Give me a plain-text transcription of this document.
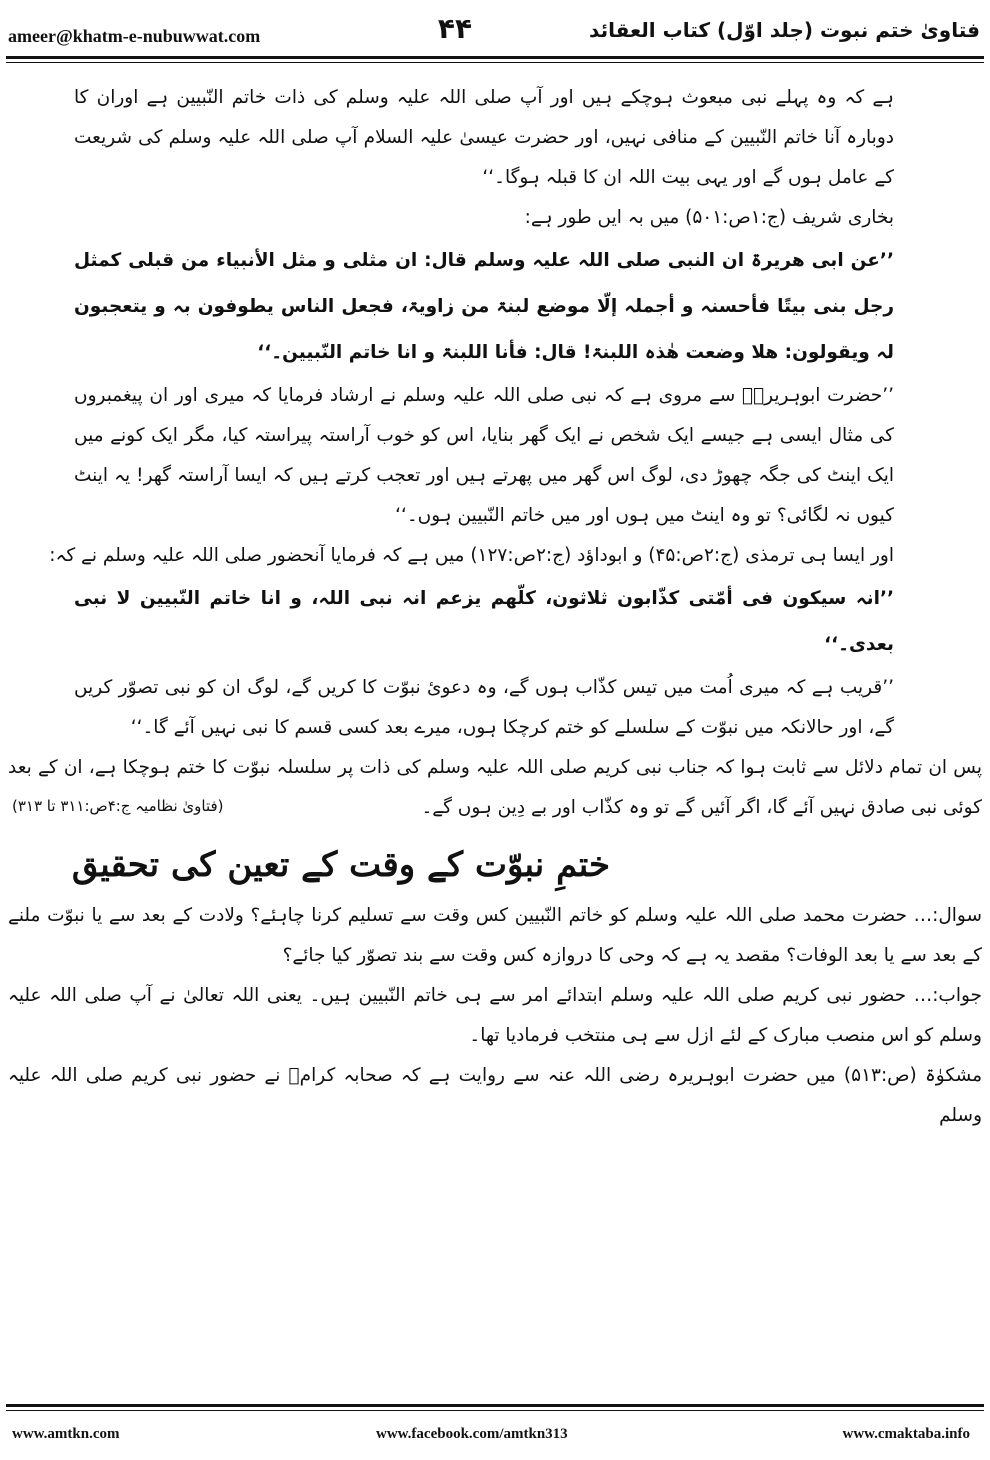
ameer@khatm-e-nubuwwat.com	۴۴	فتاویٰ ختم نبوت (جلد اوّل) کتاب العقائد

ہے کہ وہ پہلے نبی مبعوث ہوچکے ہیں اور آپ صلی اللہ علیہ وسلم کی ذات خاتم النّبیین ہے اوران کا دوبارہ آنا خاتم النّبیین کے منافی نہیں، اور حضرت عیسیٰ علیہ السلام آپ صلی اللہ علیہ وسلم کی شریعت کے عامل ہوں گے اور یہی بیت اللہ ان کا قبلہ ہوگا۔‘‘

بخاری شریف (ج:۱ص:۵۰۱) میں بہ ایں طور ہے:

’’عن ابی ھریرۃ ان النبی صلی اللہ علیہ وسلم قال: ان مثلی و مثل الأنبیاء من قبلی کمثل رجل بنی بیتًا فأحسنہ و أجملہ إلّا موضع لبنۃ من زاویۃ، فجعل الناس یطوفون بہ و یتعجبون لہ ویقولون: ھلا وضعت ھٰذہ اللبنۃ! قال: فأنا اللبنۃ و انا خاتم النّبیین۔‘‘

’’حضرت ابوہریرہؓ سے مروی ہے کہ نبی صلی اللہ علیہ وسلم نے ارشاد فرمایا کہ میری اور ان پیغمبروں کی مثال ایسی ہے جیسے ایک شخص نے ایک گھر بنایا، اس کو خوب آراستہ پیراستہ کیا، مگر ایک کونے میں ایک اینٹ کی جگہ چھوڑ دی، لوگ اس گھر میں پھرتے ہیں اور تعجب کرتے ہیں کہ ایسا آراستہ گھر! یہ اینٹ کیوں نہ لگائی؟ تو وہ اینٹ میں ہوں اور میں خاتم النّبیین ہوں۔‘‘

اور ایسا ہی ترمذی (ج:۲ص:۴۵) و ابوداؤد (ج:۲ص:۱۲۷) میں ہے کہ فرمایا آنحضور صلی اللہ علیہ وسلم نے کہ:

’’انہ سیکون فی أمّتی کذّابون ثلاثون، کلّھم یزعم انہ نبی اللہ، و انا خاتم النّبیین لا نبی بعدی۔‘‘

’’قریب ہے کہ میری اُمت میں تیس کذّاب ہوں گے، وہ دعویٔ نبوّت کا کریں گے، لوگ ان کو نبی تصوّر کریں گے، اور حالانکہ میں نبوّت کے سلسلے کو ختم کرچکا ہوں، میرے بعد کسی قسم کا نبی نہیں آئے گا۔‘‘

پس ان تمام دلائل سے ثابت ہوا کہ جناب نبی کریم صلی اللہ علیہ وسلم کی ذات پر سلسلہ نبوّت کا ختم ہوچکا ہے، ان کے بعد کوئی نبی صادق نہیں آئے گا، اگر آئیں گے تو وہ کذّاب اور بے دِین ہوں گے۔

(فتاویٰ نظامیہ ج:۴ص:۳۱۱ تا ۳۱۳)
ختمِ نبوّت کے وقت کے تعین کی تحقیق

سوال:… حضرت محمد صلی اللہ علیہ وسلم کو خاتم النّبیین کس وقت سے تسلیم کرنا چاہئے؟ ولادت کے بعد سے یا نبوّت ملنے کے بعد سے یا بعد الوفات؟ مقصد یہ ہے کہ وحی کا دروازہ کس وقت سے بند تصوّر کیا جائے؟

جواب:… حضور نبی کریم صلی اللہ علیہ وسلم ابتدائے امر سے ہی خاتم النّبیین ہیں۔ یعنی اللہ تعالیٰ نے آپ صلی اللہ علیہ وسلم کو اس منصب مبارک کے لئے ازل سے ہی منتخب فرمادیا تھا۔

مشکوٰۃ (ص:۵۱۳) میں حضرت ابوہریرہ رضی اللہ عنہ سے روایت ہے کہ صحابہ کرامؓ نے حضور نبی کریم صلی اللہ علیہ وسلم

www.amtkn.com	www.facebook.com/amtkn313	www.cmaktaba.info
